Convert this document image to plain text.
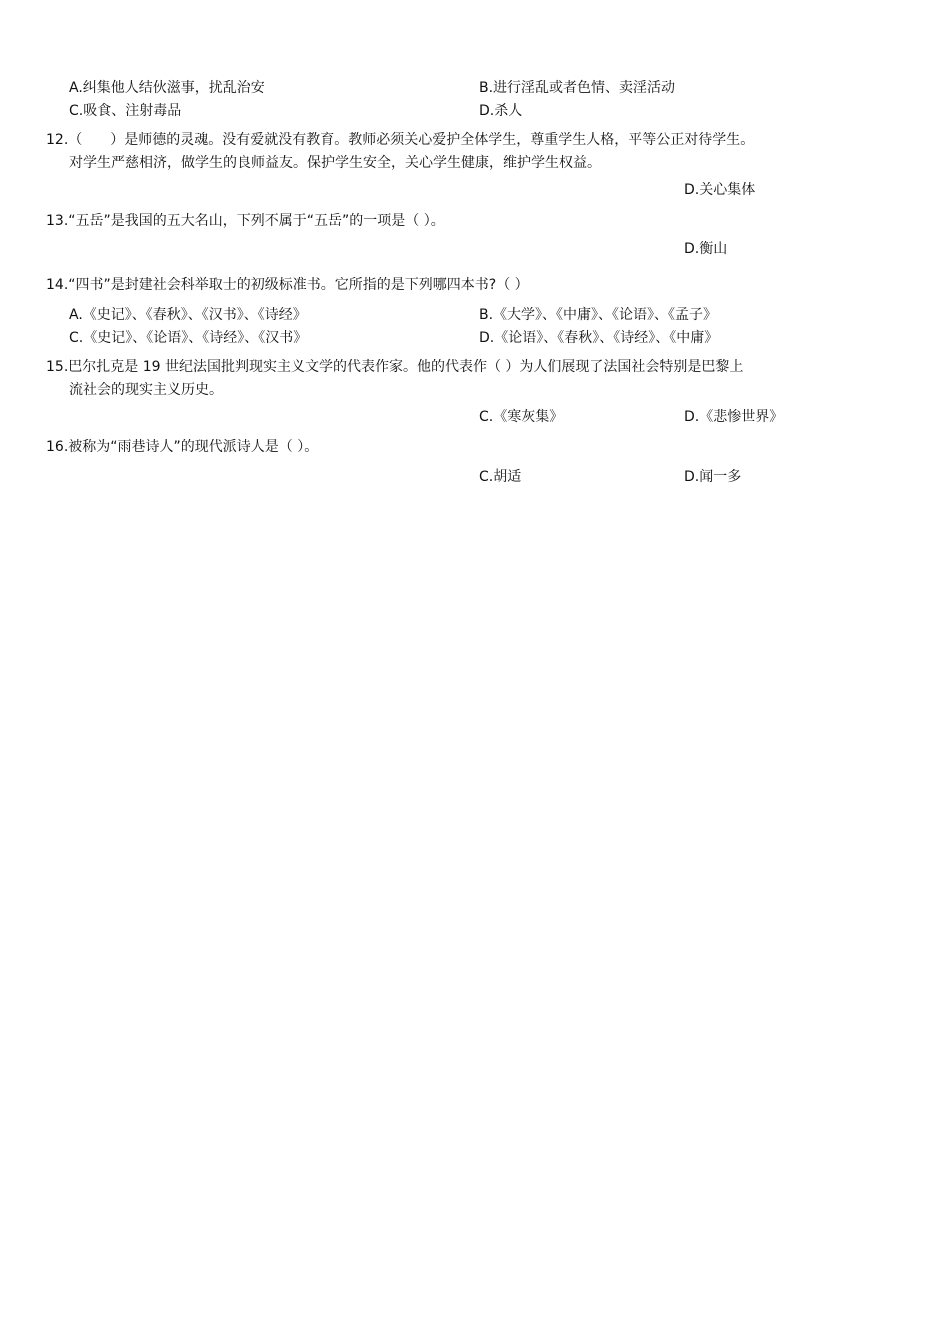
A.纠集他人结伙滋事，扰乱治安	B.进行淫乱或者色情、卖淫活动
C.吸食、注射毒品	D.杀人
12.（　　）是师德的灵魂。没有爱就没有教育。教师必须关心爱护全体学生，尊重学生人格，平等公正对待学生。
对学生严慈相济，做学生的良师益友。保护学生安全，关心学生健康，维护学生权益。
D.关心集体
13.“五岳”是我国的五大名山，下列不属于“五岳”的一项是（ ）。
D.衡山
14.“四书”是封建社会科举取士的初级标准书。它所指的是下列哪四本书?（ ）
A.《史记》、《春秋》、《汉书》、《诗经》	B.《大学》、《中庸》、《论语》、《孟子》
C.《史记》、《论语》、《诗经》、《汉书》	D.《论语》、《春秋》、《诗经》、《中庸》
15.巴尔扎克是 19 世纪法国批判现实主义文学的代表作家。他的代表作（ ）为人们展现了法国社会特别是巴黎上
流社会的现实主义历史。
C.《寒灰集》	D.《悲惨世界》
16.被称为“雨巷诗人”的现代派诗人是（ ）。
C.胡适	D.闻一多
